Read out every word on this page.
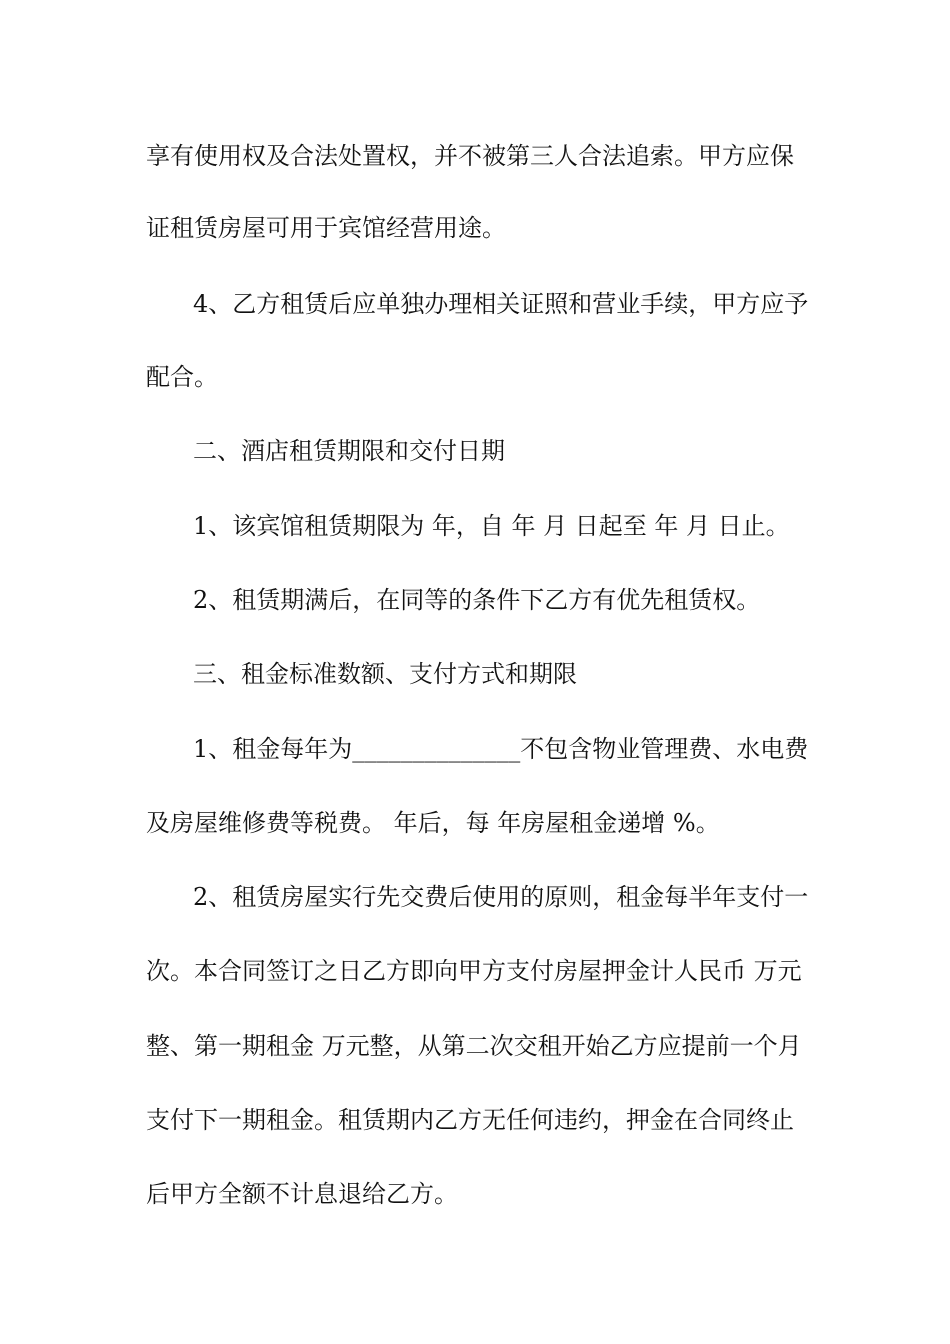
享有使用权及合法处置权，并不被第三人合法追索。甲方应保

证租赁房屋可用于宾馆经营用途。

4、乙方租赁后应单独办理相关证照和营业手续，甲方应予

配合。

二、酒店租赁期限和交付日期

1、该宾馆租赁期限为 年，自 年 月 日起至 年 月 日止。

2、租赁期满后，在同等的条件下乙方有优先租赁权。

三、租金标准数额、支付方式和期限

1、租金每年为______________不包含物业管理费、水电费

及房屋维修费等税费。 年后，每 年房屋租金递增 %。

2、租赁房屋实行先交费后使用的原则，租金每半年支付一

次。本合同签订之日乙方即向甲方支付房屋押金计人民币 万元

整、第一期租金 万元整，从第二次交租开始乙方应提前一个月

支付下一期租金。租赁期内乙方无任何违约，押金在合同终止

后甲方全额不计息退给乙方。
